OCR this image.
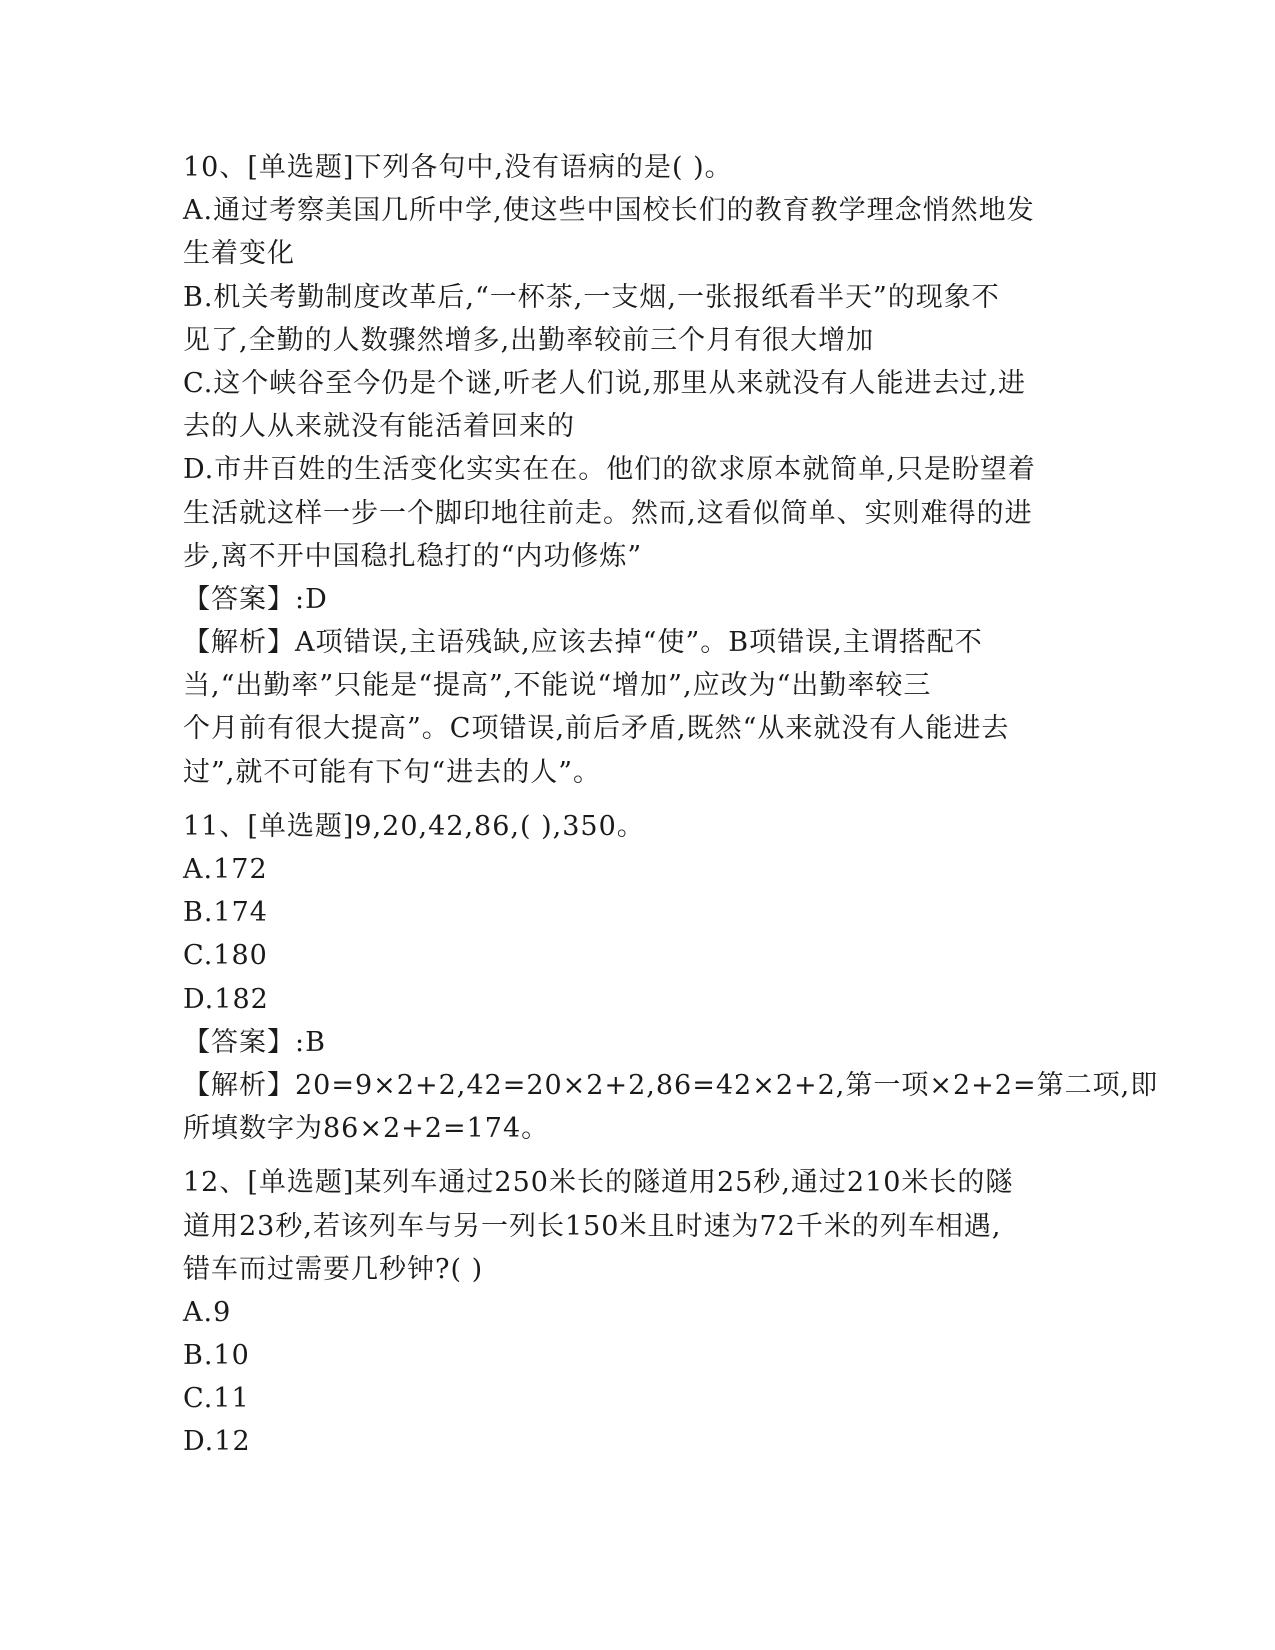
10、[单选题]下列各句中,没有语病的是( )。
A.通过考察美国几所中学,使这些中国校长们的教育教学理念悄然地发
生着变化
B.机关考勤制度改革后,“一杯茶,一支烟,一张报纸看半天”的现象不
见了,全勤的人数骤然增多,出勤率较前三个月有很大增加
C.这个峡谷至今仍是个谜,听老人们说,那里从来就没有人能进去过,进
去的人从来就没有能活着回来的
D.市井百姓的生活变化实实在在。他们的欲求原本就简单,只是盼望着
生活就这样一步一个脚印地往前走。然而,这看似简单、实则难得的进
步,离不开中国稳扎稳打的“内功修炼”
【答案】:D
【解析】A项错误,主语残缺,应该去掉“使”。B项错误,主谓搭配不
当,“出勤率”只能是“提高”,不能说“增加”,应改为“出勤率较三
个月前有很大提高”。C项错误,前后矛盾,既然“从来就没有人能进去
过”,就不可能有下句“进去的人”。
11、[单选题]9,20,42,86,( ),350。
A.172
B.174
C.180
D.182
【答案】:B
【解析】20=9×2+2,42=20×2+2,86=42×2+2,第一项×2+2=第二项,即
所填数字为86×2+2=174。
12、[单选题]某列车通过250米长的隧道用25秒,通过210米长的隧
道用23秒,若该列车与另一列长150米且时速为72千米的列车相遇,
错车而过需要几秒钟?( )
A.9
B.10
C.11
D.12
